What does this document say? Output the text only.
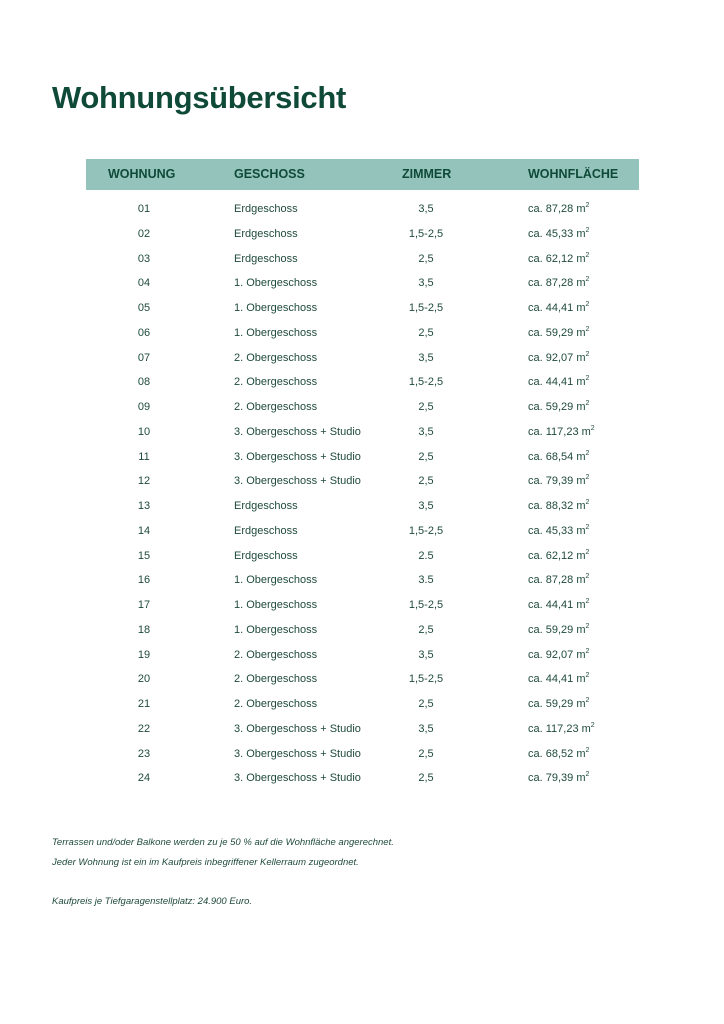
Wohnungsübersicht
WOHNUNG	GESCHOSS	ZIMMER	WOHNFLÄCHE
01	Erdgeschoss	3,5	ca. 87,28 $m^2$
02	Erdgeschoss	1,5-2,5	ca. 45,33 $m^2$
03	Erdgeschoss	2,5	ca. 62,12 $m^2$
04	1. Obergeschoss	3,5	ca. 87,28 $m^2$
05	1. Obergeschoss	1,5-2,5	ca. 44,41 $m^2$
06	1. Obergeschoss	2,5	ca. 59,29 $m^2$
07	2. Obergeschoss	3,5	ca. 92,07 $m^2$
08	2. Obergeschoss	1,5-2,5	ca. 44,41 $m^2$
09	2. Obergeschoss	2,5	ca. 59,29 $m^2$
10	3. Obergeschoss + Studio	3,5	ca. 117,23 $m^2$
11	3. Obergeschoss + Studio	2,5	ca. 68,54 $m^2$
12	3. Obergeschoss + Studio	2,5	ca. 79,39 $m^2$
13	Erdgeschoss	3,5	ca. 88,32 $m^2$
14	Erdgeschoss	1,5-2,5	ca. 45,33 $m^2$
15	Erdgeschoss	2.5	ca. 62,12 $m^2$
16	1. Obergeschoss	3.5	ca. 87,28 $m^2$
17	1. Obergeschoss	1,5-2,5	ca. 44,41 $m^2$
18	1. Obergeschoss	2,5	ca. 59,29 $m^2$
19	2. Obergeschoss	3,5	ca. 92,07 $m^2$
20	2. Obergeschoss	1,5-2,5	ca. 44,41 $m^2$
21	2. Obergeschoss	2,5	ca. 59,29 $m^2$
22	3. Obergeschoss + Studio	3,5	ca. 117,23 $m^2$
23	3. Obergeschoss + Studio	2,5	ca. 68,52 $m^2$
24	3. Obergeschoss + Studio	2,5	ca. 79,39 $m^2$

Terrassen und/oder Balkone werden zu je 50 % auf die Wohnfläche angerechnet.

Jeder Wohnung ist ein im Kaufpreis inbegriffener Kellerraum zugeordnet.

Kaufpreis je Tiefgaragenstellplatz: 24.900 Euro.
